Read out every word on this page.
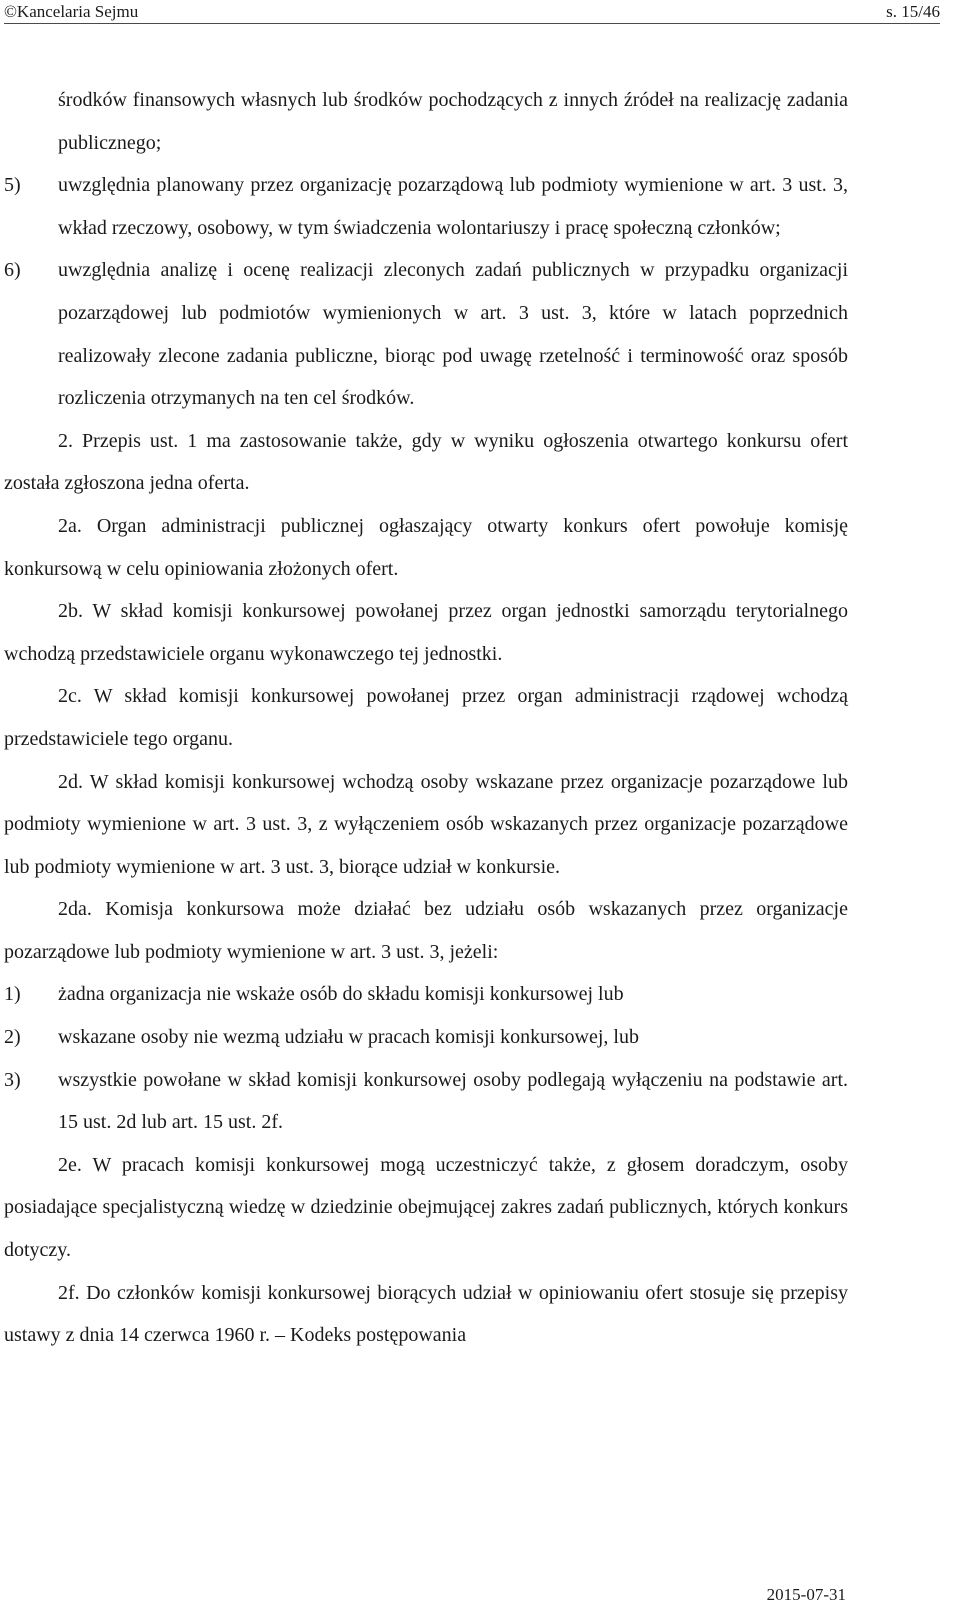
©Kancelaria Sejmu	s. 15/46

środków finansowych własnych lub środków pochodzących z innych źródeł na realizację zadania publicznego;

5) uwzględnia planowany przez organizację pozarządową lub podmioty wymienione w art. 3 ust. 3, wkład rzeczowy, osobowy, w tym świadczenia wolontariuszy i pracę społeczną członków;
6) uwzględnia analizę i ocenę realizacji zleconych zadań publicznych w przypadku organizacji pozarządowej lub podmiotów wymienionych w art. 3 ust. 3, które w latach poprzednich realizowały zlecone zadania publiczne, biorąc pod uwagę rzetelność i terminowość oraz sposób rozliczenia otrzymanych na ten cel środków.

2. Przepis ust. 1 ma zastosowanie także, gdy w wyniku ogłoszenia otwartego konkursu ofert została zgłoszona jedna oferta.

2a. Organ administracji publicznej ogłaszający otwarty konkurs ofert powołuje komisję konkursową w celu opiniowania złożonych ofert.

2b. W skład komisji konkursowej powołanej przez organ jednostki samorządu terytorialnego wchodzą przedstawiciele organu wykonawczego tej jednostki.

2c. W skład komisji konkursowej powołanej przez organ administracji rządowej wchodzą przedstawiciele tego organu.

2d. W skład komisji konkursowej wchodzą osoby wskazane przez organizacje pozarządowe lub podmioty wymienione w art. 3 ust. 3, z wyłączeniem osób wskazanych przez organizacje pozarządowe lub podmioty wymienione w art. 3 ust. 3, biorące udział w konkursie.

2da. Komisja konkursowa może działać bez udziału osób wskazanych przez organizacje pozarządowe lub podmioty wymienione w art. 3 ust. 3, jeżeli:

1) żadna organizacja nie wskaże osób do składu komisji konkursowej lub
2) wskazane osoby nie wezmą udziału w pracach komisji konkursowej, lub
3) wszystkie powołane w skład komisji konkursowej osoby podlegają wyłączeniu na podstawie art. 15 ust. 2d lub art. 15 ust. 2f.

2e. W pracach komisji konkursowej mogą uczestniczyć także, z głosem doradczym, osoby posiadające specjalistyczną wiedzę w dziedzinie obejmującej zakres zadań publicznych, których konkurs dotyczy.

2f. Do członków komisji konkursowej biorących udział w opiniowaniu ofert stosuje się przepisy ustawy z dnia 14 czerwca 1960 r. – Kodeks postępowania

2015-07-31
